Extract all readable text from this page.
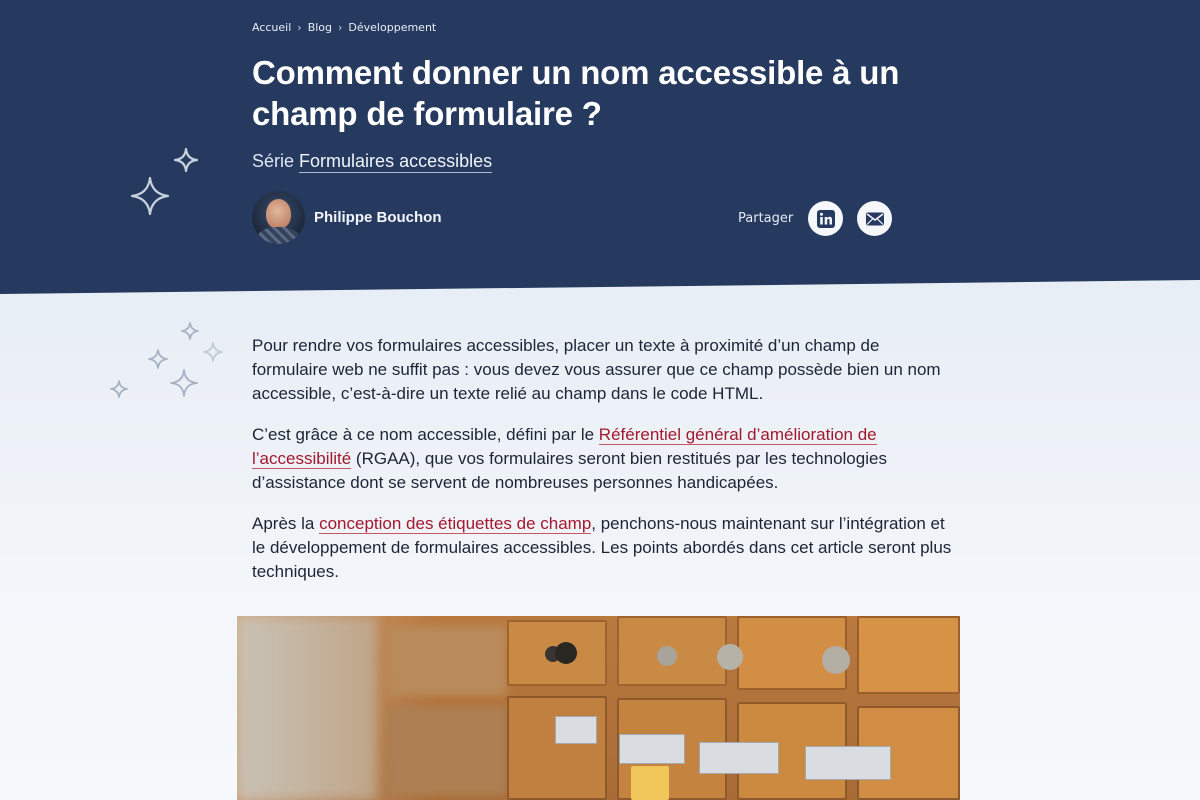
Accueil › Blog › Développement
Comment donner un nom accessible à un champ de formulaire ?
Série Formulaires accessibles
Philippe Bouchon	Partager

Pour rendre vos formulaires accessibles, placer un texte à proximité d’un champ de formulaire web ne suffit pas : vous devez vous assurer que ce champ possède bien un nom accessible, c’est-à-dire un texte relié au champ dans le code HTML.

C’est grâce à ce nom accessible, défini par le Référentiel général d’amélioration de l’accessibilité (RGAA), que vos formulaires seront bien restitués par les technologies d’assistance dont se servent de nombreuses personnes handicapées.

Après la conception des étiquettes de champ, penchons-nous maintenant sur l’intégration et le développement de formulaires accessibles. Les points abordés dans cet article seront plus techniques.
